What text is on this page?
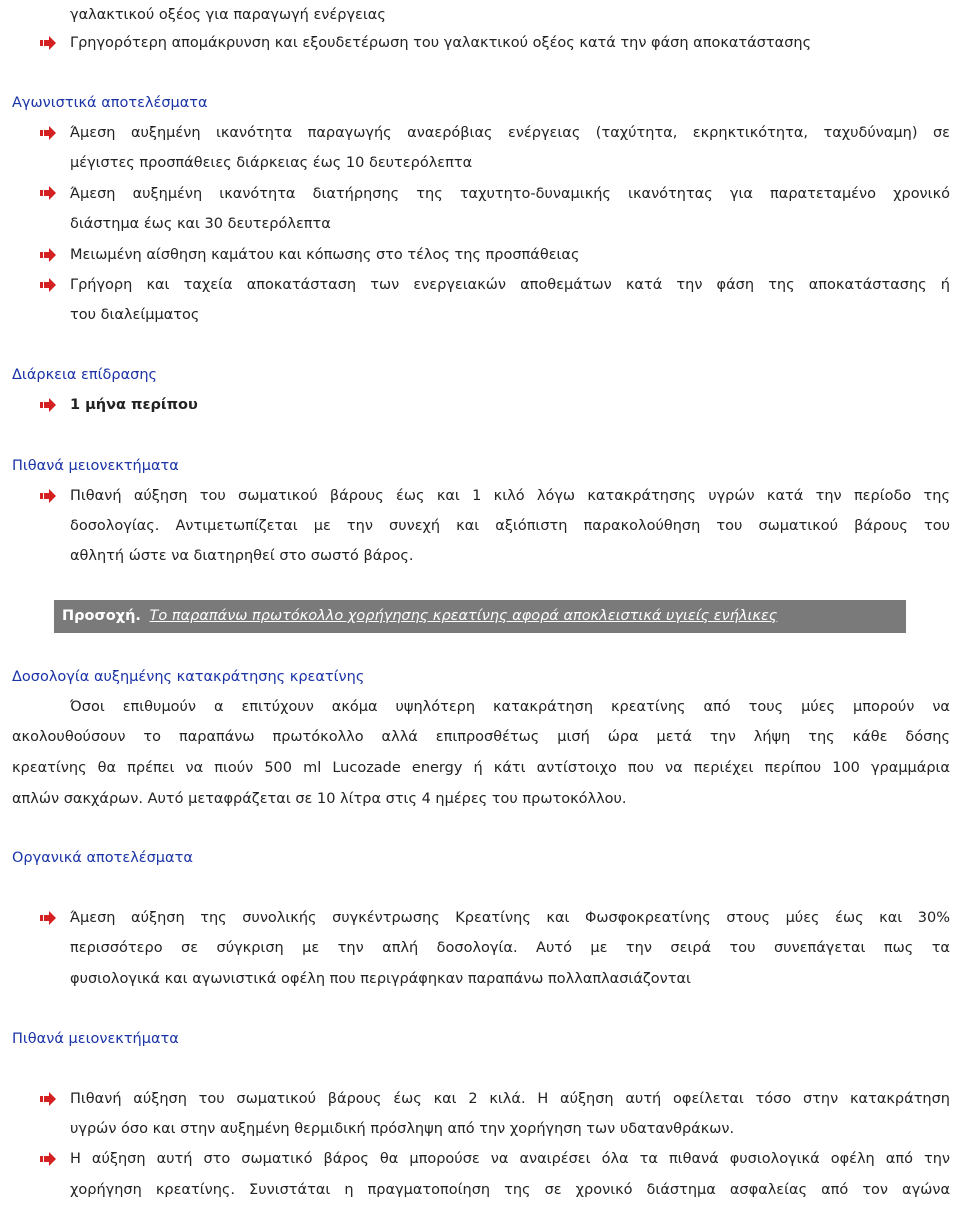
γαλακτικού οξέος για παραγωγή ενέργειας
Γρηγορότερη απομάκρυνση και εξουδετέρωση του γαλακτικού οξέος κατά την φάση αποκατάστασης
Αγωνιστικά αποτελέσματα
Άμεση αυξημένη ικανότητα παραγωγής αναερόβιας ενέργειας (ταχύτητα, εκρηκτικότητα, ταχυδύναμη) σε
μέγιστες προσπάθειες διάρκειας έως 10 δευτερόλεπτα
Άμεση αυξημένη ικανότητα διατήρησης της ταχυτητο-δυναμικής ικανότητας για παρατεταμένο χρονικό
διάστημα έως και 30 δευτερόλεπτα
Μειωμένη αίσθηση καμάτου και κόπωσης στο τέλος της προσπάθειας
Γρήγορη και ταχεία αποκατάσταση των ενεργειακών αποθεμάτων κατά την φάση της αποκατάστασης ή
του διαλείμματος
Διάρκεια επίδρασης
1 μήνα περίπου
Πιθανά μειονεκτήματα
Πιθανή αύξηση του σωματικού βάρους έως και 1 κιλό λόγω κατακράτησης υγρών κατά την περίοδο της
δοσολογίας. Αντιμετωπίζεται με την συνεχή και αξιόπιστη παρακολούθηση του σωματικού βάρους του
αθλητή ώστε να διατηρηθεί στο σωστό βάρος.
Προσοχή. Το παραπάνω πρωτόκολλο χορήγησης κρεατίνης αφορά αποκλειστικά υγιείς ενήλικες
Δοσολογία αυξημένης κατακράτησης κρεατίνης
Όσοι επιθυμούν α επιτύχουν ακόμα υψηλότερη κατακράτηση κρεατίνης από τους μύες μπορούν να
ακολουθούσουν το παραπάνω πρωτόκολλο αλλά επιπροσθέτως μισή ώρα μετά την λήψη της κάθε δόσης
κρεατίνης θα πρέπει να πιούν 500 ml Lucozade energy ή κάτι αντίστοιχο που να περιέχει περίπου 100 γραμμάρια
απλών σακχάρων. Αυτό μεταφράζεται σε 10 λίτρα στις 4 ημέρες του πρωτοκόλλου.
Οργανικά αποτελέσματα
Άμεση αύξηση της συνολικής συγκέντρωσης Κρεατίνης και Φωσφοκρεατίνης στους μύες έως και 30%
περισσότερο σε σύγκριση με την απλή δοσολογία. Αυτό με την σειρά του συνεπάγεται πως τα
φυσιολογικά και αγωνιστικά οφέλη που περιγράφηκαν παραπάνω πολλαπλασιάζονται
Πιθανά μειονεκτήματα
Πιθανή αύξηση του σωματικού βάρους έως και 2 κιλά. Η αύξηση αυτή οφείλεται τόσο στην κατακράτηση
υγρών όσο και στην αυξημένη θερμιδική πρόσληψη από την χορήγηση των υδατανθράκων.
Η αύξηση αυτή στο σωματικό βάρος θα μπορούσε να αναιρέσει όλα τα πιθανά φυσιολογικά οφέλη από την
χορήγηση κρεατίνης. Συνιστάται η πραγματοποίηση της σε χρονικό διάστημα ασφαλείας από τον αγώνα
